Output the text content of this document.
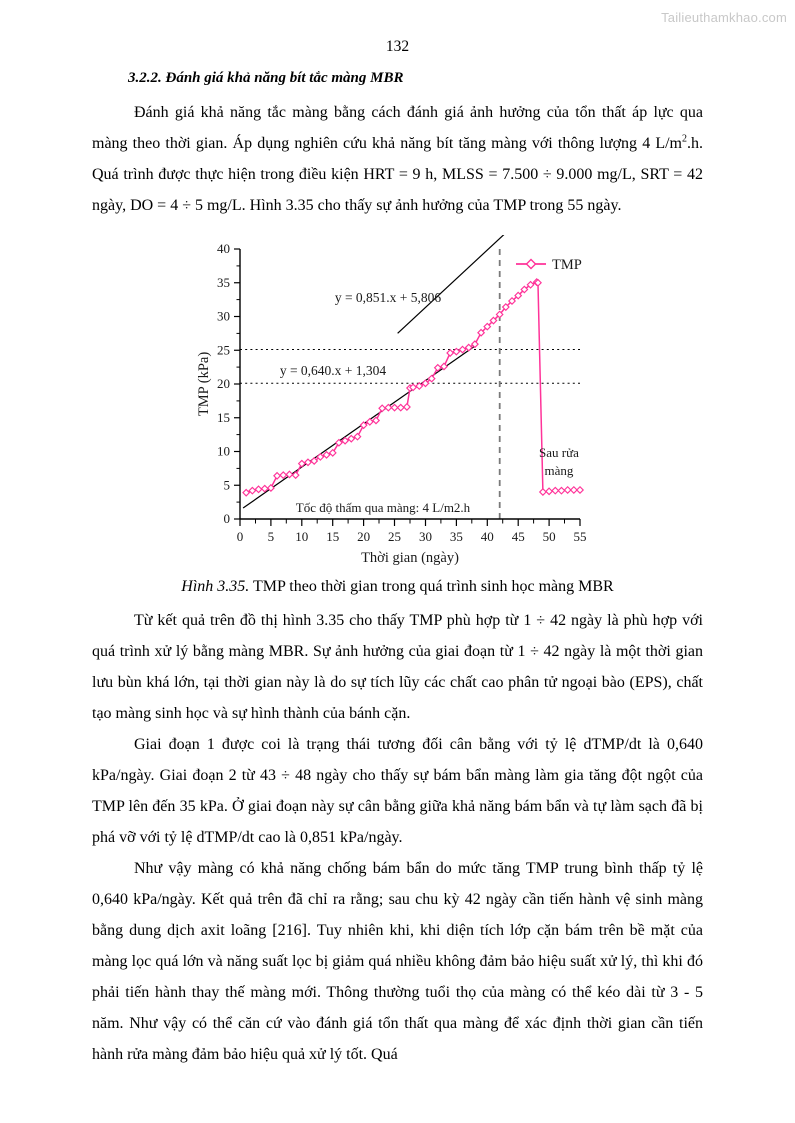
Tailieuthamkhao.com
132
3.2.2. Đánh giá khả năng bít tắc màng MBR

Đánh giá khả năng tắc màng bằng cách đánh giá ảnh hưởng của tổn thất áp lực qua màng theo thời gian. Áp dụng nghiên cứu khả năng bít tăng màng với thông lượng 4 $L/m^2.h$. Quá trình được thực hiện trong điều kiện HRT = 9 h, MLSS = 7.500 ÷ 9.000 mg/L, SRT = 42 ngày, DO = 4 ÷ 5 mg/L. Hình 3.35 cho thấy sự ảnh hưởng của TMP trong 55 ngày.

0
5
10
15
20
25
30
35
40
0 5 10 15 20 25 30 35 40 45 50 55
Thời gian (ngày)
TMP (kPa)
y = 0,851.x + 5,806
y = 0,640.x + 1,304
Tốc độ thấm qua màng: 4 L/m2.h
Sau rửa
màng
TMP

Hình 3.35. TMP theo thời gian trong quá trình sinh học màng MBR

Từ kết quả trên đồ thị hình 3.35 cho thấy TMP phù hợp từ 1 ÷ 42 ngày là phù hợp với quá trình xử lý bằng màng MBR. Sự ảnh hưởng của giai đoạn từ 1 ÷ 42 ngày là một thời gian lưu bùn khá lớn, tại thời gian này là do sự tích lũy các chất cao phân tử ngoại bào (EPS), chất tạo màng sinh học và sự hình thành của bánh cặn.

Giai đoạn 1 được coi là trạng thái tương đối cân bằng với tỷ lệ dTMP/dt là 0,640 kPa/ngày. Giai đoạn 2 từ 43 ÷ 48 ngày cho thấy sự bám bẩn màng làm gia tăng đột ngột của TMP lên đến 35 kPa. Ở giai đoạn này sự cân bằng giữa khả năng bám bẩn và tự làm sạch đã bị phá vỡ với tỷ lệ dTMP/dt cao là 0,851 kPa/ngày.

Như vậy màng có khả năng chống bám bẩn do mức tăng TMP trung bình thấp tỷ lệ 0,640 kPa/ngày. Kết quả trên đã chỉ ra rằng; sau chu kỳ 42 ngày cần tiến hành vệ sinh màng bằng dung dịch axit loãng [216]. Tuy nhiên khi, khi diện tích lớp cặn bám trên bề mặt của màng lọc quá lớn và năng suất lọc bị giảm quá nhiều không đảm bảo hiệu suất xử lý, thì khi đó phải tiến hành thay thế màng mới. Thông thường tuổi thọ của màng có thể kéo dài từ 3 - 5 năm. Như vậy có thể căn cứ vào đánh giá tổn thất qua màng để xác định thời gian cần tiến hành rửa màng đảm bảo hiệu quả xử lý tốt. Quá
